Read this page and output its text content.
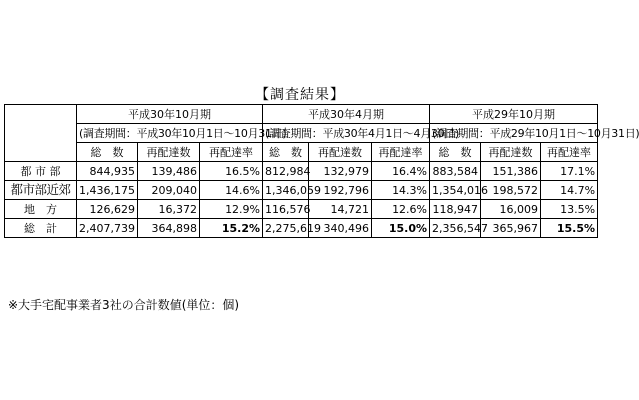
【調査結果】
	平成30年10月期			平成30年4月期			平成29年10月期		
	(調査期間：平成30年10月1日～10月31日)			(調査期間：平成30年4月1日～4月30日)			(調査期間：平成29年10月1日～10月31日)		
	総　数	再配達数	再配達率	総　数	再配達数	再配達率	総　数	再配達数	再配達率
都 市 部	844,935	139,486	16.5%	812,984	132,979	16.4%	883,584	151,386	17.1%
都市部近郊	1,436,175	209,040	14.6%	1,346,059	192,796	14.3%	1,354,016	198,572	14.7%
地　方	126,629	16,372	12.9%	116,576	14,721	12.6%	118,947	16,009	13.5%
総　計	2,407,739	364,898	15.2%	2,275,619	340,496	15.0%	2,356,547	365,967	15.5%
※大手宅配事業者3社の合計数値(単位：個)
